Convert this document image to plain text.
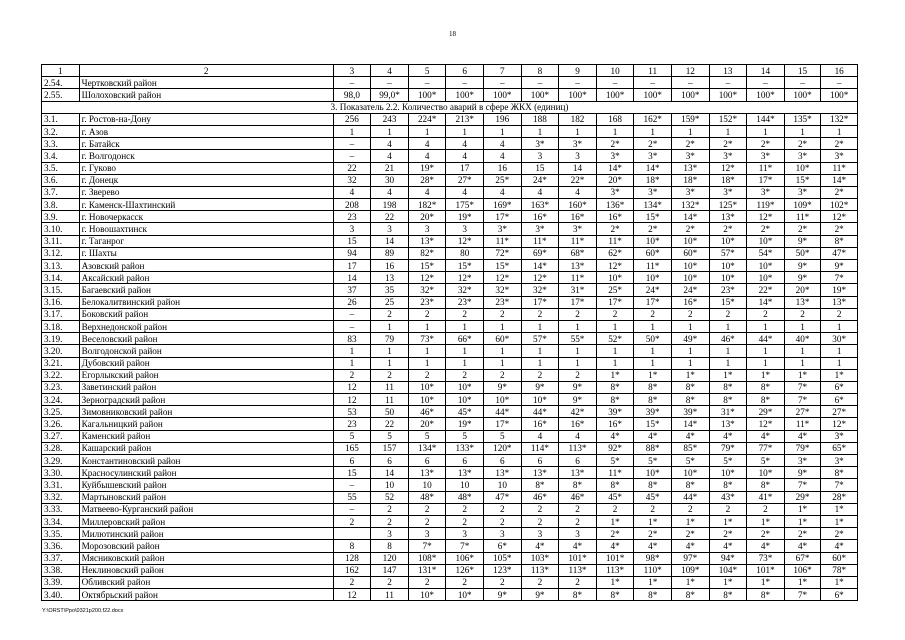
18
1	2	3	4	5	6	7	8	9	10	11	12	13	14	15	16
2.54.	Чертковский район	–	–	–	–	–	–	–	–	–	–	–	–	–	–
2.55.	Шолоховский район	98,0	99,0*	100*	100*	100*	100*	100*	100*	100*	100*	100*	100*	100*	100*
3. Показатель 2.2. Количество аварий в сфере ЖКХ (единиц)															
3.1.	г. Ростов-на-Дону	256	243	224*	213*	196	188	182	168	162*	159*	152*	144*	135*	132*
3.2.	г. Азов	1	1	1	1	1	1	1	1	1	1	1	1	1	1
3.3.	г. Батайск	–	4	4	4	4	3*	3*	2*	2*	2*	2*	2*	2*	2*
3.4.	г. Волгодонск	–	4	4	4	4	3	3	3*	3*	3*	3*	3*	3*	3*
3.5.	г. Гуково	22	21	19*	17	16	15	14	14*	14*	13*	12*	11*	10*	11*
3.6.	г. Донецк	32	30	28*	27*	25*	24*	22*	20*	18*	18*	18*	17*	15*	14*
3.7.	г. Зверево	4	4	4	4	4	4	4	3*	3*	3*	3*	3*	3*	2*
3.8.	г. Каменск-Шахтинский	208	198	182*	175*	169*	163*	160*	136*	134*	132*	125*	119*	109*	102*
3.9.	г. Новочеркасск	23	22	20*	19*	17*	16*	16*	16*	15*	14*	13*	12*	11*	12*
3.10.	г. Новошахтинск	3	3	3	3	3*	3*	3*	2*	2*	2*	2*	2*	2*	2*
3.11.	г. Таганрог	15	14	13*	12*	11*	11*	11*	11*	10*	10*	10*	10*	9*	8*
3.12.	г. Шахты	94	89	82*	80	72*	69*	68*	62*	60*	60*	57*	54*	50*	47*
3.13.	Азовский район	17	16	15*	15*	15*	14*	13*	12*	11*	10*	10*	10*	9*	9*
3.14.	Аксайский район	14	13	12*	12*	12*	12*	11*	10*	10*	10*	10*	10*	9*	7*
3.15.	Багаевский район	37	35	32*	32*	32*	32*	31*	25*	24*	24*	23*	22*	20*	19*
3.16.	Белокалитвинский район	26	25	23*	23*	23*	17*	17*	17*	17*	16*	15*	14*	13*	13*
3.17.	Боковский район	–	2	2	2	2	2	2	2	2	2	2	2	2	2
3.18.	Верхнедонской район	–	1	1	1	1	1	1	1	1	1	1	1	1	1
3.19.	Веселовский район	83	79	73*	66*	60*	57*	55*	52*	50*	49*	46*	44*	40*	30*
3.20.	Волгодонской район	1	1	1	1	1	1	1	1	1	1	1	1	1	1
3.21.	Дубовский район	1	1	1	1	1	1	1	1	1	1	1	1	1	1
3.22.	Егорлыкский район	2	2	2	2	2	2	2	1*	1*	1*	1*	1*	1*	1*
3.23.	Заветинский район	12	11	10*	10*	9*	9*	9*	8*	8*	8*	8*	8*	7*	6*
3.24.	Зерноградский район	12	11	10*	10*	10*	10*	9*	8*	8*	8*	8*	8*	7*	6*
3.25.	Зимовниковский район	53	50	46*	45*	44*	44*	42*	39*	39*	39*	31*	29*	27*	27*
3.26.	Кагальницкий район	23	22	20*	19*	17*	16*	16*	16*	15*	14*	13*	12*	11*	12*
3.27.	Каменский район	5	5	5	5	5	4	4	4*	4*	4*	4*	4*	4*	3*
3.28.	Кашарский район	165	157	134*	133*	120*	114*	113*	92*	88*	85*	79*	77*	79*	65*
3.29.	Константиновский район	6	6	6	6	6	6	6	5*	5*	5*	5*	5*	3*	3*
3.30.	Красносулинский район	15	14	13*	13*	13*	13*	13*	11*	10*	10*	10*	10*	9*	8*
3.31.	Куйбышевский район	–	10	10	10	10	8*	8*	8*	8*	8*	8*	8*	7*	7*
3.32.	Мартыновский район	55	52	48*	48*	47*	46*	46*	45*	45*	44*	43*	41*	29*	28*
3.33.	Матвеево-Курганский район	–	2	2	2	2	2	2	2	2	2	2	2	1*	1*
3.34.	Миллеровский район	2	2	2	2	2	2	2	1*	1*	1*	1*	1*	1*	1*
3.35.	Милютинский район		3	3	3	3	3	3	2*	2*	2*	2*	2*	2*	2*
3.36.	Морозовский район	8	8	7*	7*	6*	4*	4*	4*	4*	4*	4*	4*	4*	4*
3.37.	Мясниковский район	128	120	108*	106*	105*	103*	101*	101*	98*	97*	94*	73*	67*	60*
3.38.	Неклиновский район	162	147	131*	126*	123*	113*	113*	113*	110*	109*	104*	101*	106*	78*
3.39.	Обливский район	2	2	2	2	2	2	2	1*	1*	1*	1*	1*	1*	1*
3.40.	Октябрьский район	12	11	10*	10*	9*	9*	8*	8*	8*	8*	8*	8*	7*	6*
Y:\ORST\Ppo\0321p200.f22.docx
